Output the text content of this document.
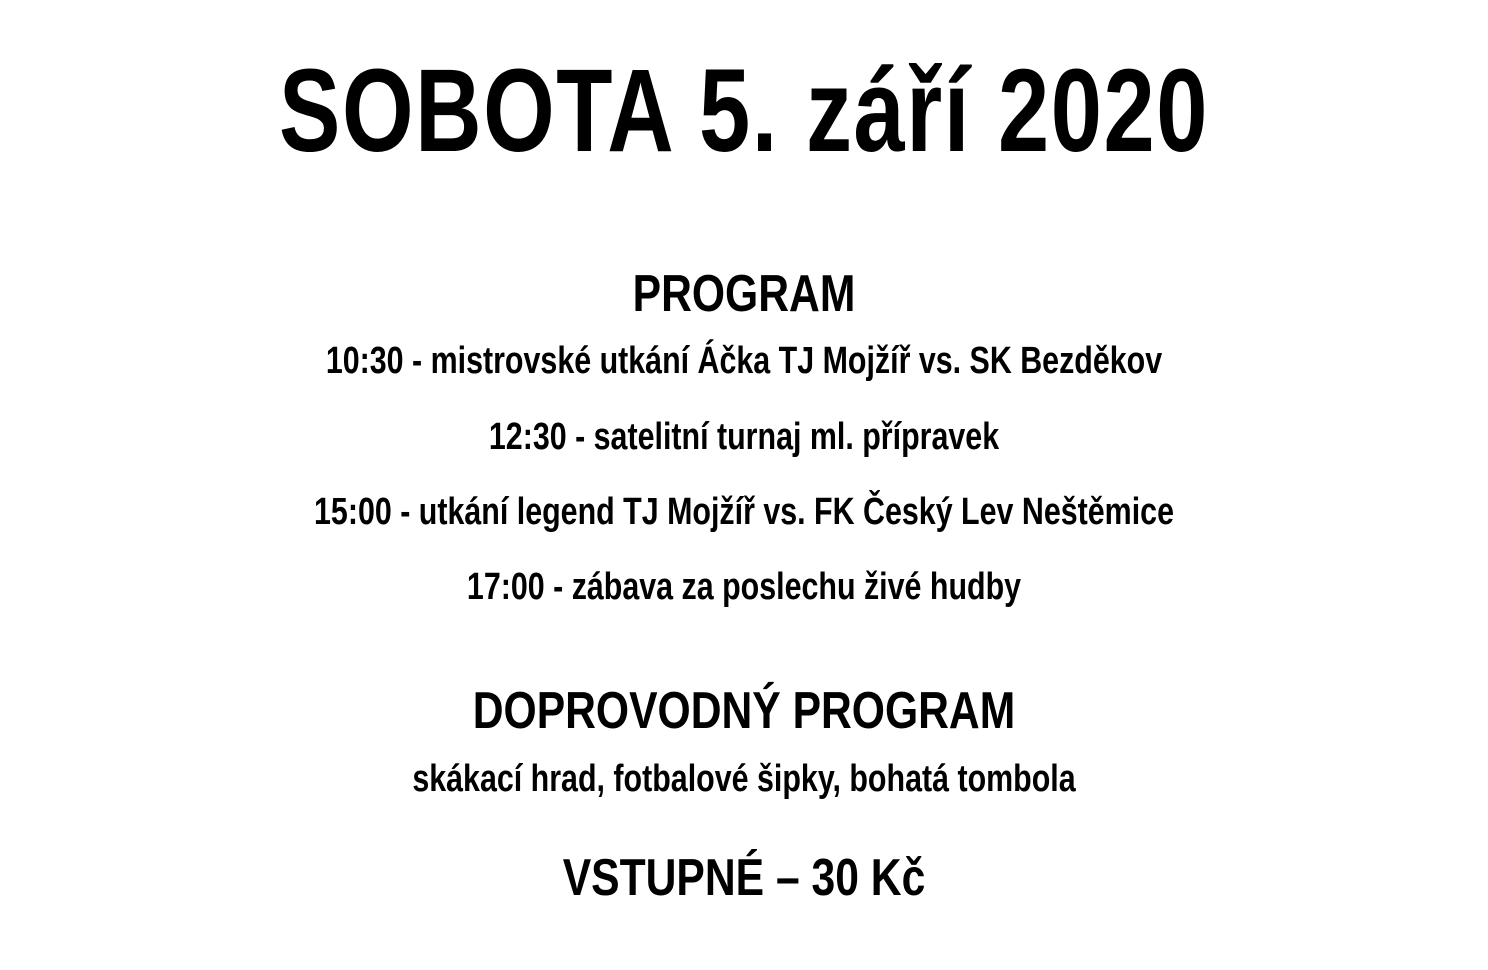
SOBOTA 5. září 2020
PROGRAM
10:30 - mistrovské utkání Áčka TJ Mojžíř vs. SK Bezděkov
12:30 - satelitní turnaj ml. přípravek
15:00 - utkání legend TJ Mojžíř vs. FK Český Lev Neštěmice
17:00 - zábava za poslechu živé hudby
DOPROVODNÝ PROGRAM
skákací hrad, fotbalové šipky, bohatá tombola
VSTUPNÉ – 30 Kč
